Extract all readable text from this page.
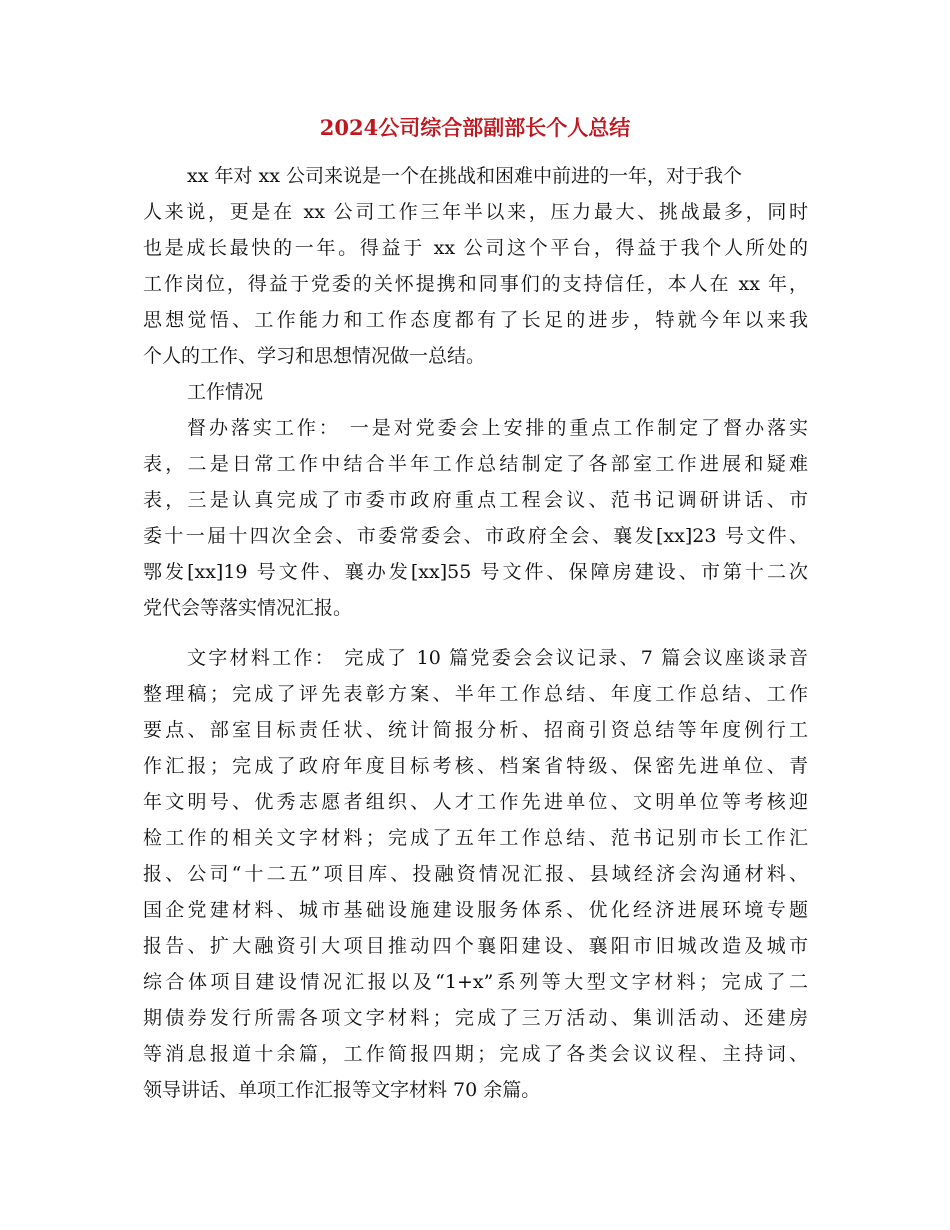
2024公司综合部副部长个人总结

xx 年对 xx 公司来说是一个在挑战和困难中前进的一年，对于我个

人来说，更是在 xx 公司工作三年半以来，压力最大、挑战最多，同时

也是成长最快的一年。得益于 xx 公司这个平台，得益于我个人所处的

工作岗位，得益于党委的关怀提携和同事们的支持信任，本人在 xx 年，

思想觉悟、工作能力和工作态度都有了长足的进步，特就今年以来我

个人的工作、学习和思想情况做一总结。

工作情况

督办落实工作： 一是对党委会上安排的重点工作制定了督办落实

表，二是日常工作中结合半年工作总结制定了各部室工作进展和疑难

表，三是认真完成了市委市政府重点工程会议、范书记调研讲话、市

委十一届十四次全会、市委常委会、市政府全会、襄发[xx]23 号文件、

鄂发[xx]19 号文件、襄办发[xx]55 号文件、保障房建设、市第十二次

党代会等落实情况汇报。

文字材料工作： 完成了 10 篇党委会会议记录、7 篇会议座谈录音

整理稿；完成了评先表彰方案、半年工作总结、年度工作总结、工作

要点、部室目标责任状、统计简报分析、招商引资总结等年度例行工

作汇报；完成了政府年度目标考核、档案省特级、保密先进单位、青

年文明号、优秀志愿者组织、人才工作先进单位、文明单位等考核迎

检工作的相关文字材料；完成了五年工作总结、范书记别市长工作汇

报、公司“十二五”项目库、投融资情况汇报、县域经济会沟通材料、

国企党建材料、城市基础设施建设服务体系、优化经济进展环境专题

报告、扩大融资引大项目推动四个襄阳建设、襄阳市旧城改造及城市

综合体项目建设情况汇报以及“1+x”系列等大型文字材料；完成了二

期债券发行所需各项文字材料；完成了三万活动、集训活动、还建房

等消息报道十余篇，工作简报四期；完成了各类会议议程、主持词、

领导讲话、单项工作汇报等文字材料 70 余篇。
